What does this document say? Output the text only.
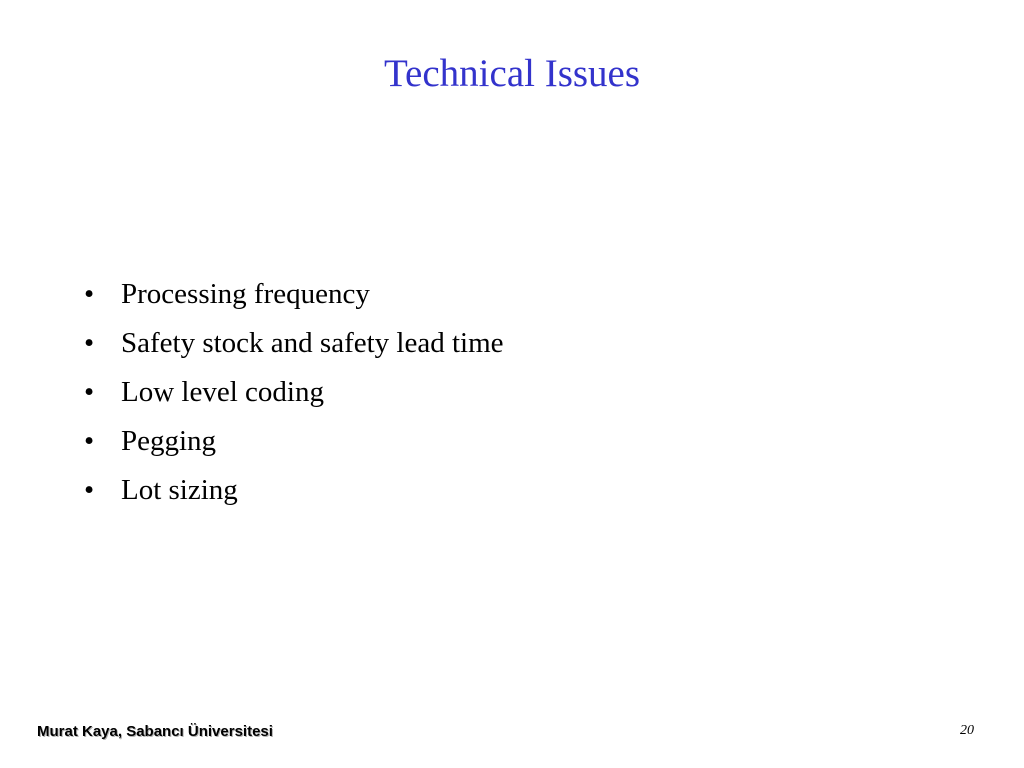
Technical Issues
• Processing frequency
• Safety stock and safety lead time
• Low level coding
• Pegging
• Lot sizing
Murat Kaya, Sabancı Üniversitesi	20
